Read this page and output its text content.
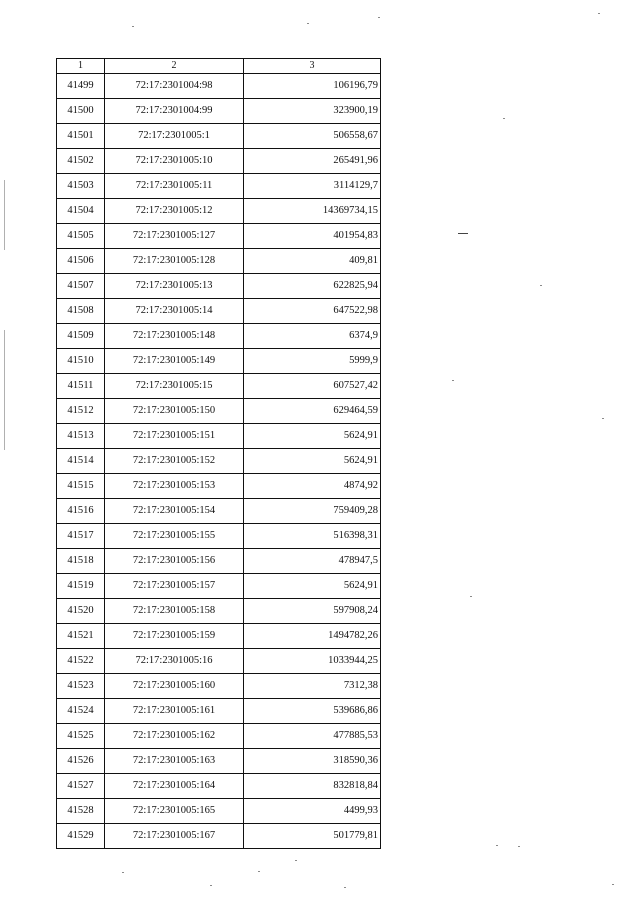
1	2	3
41499	72:17:2301004:98	106196,79
41500	72:17:2301004:99	323900,19
41501	72:17:2301005:1	506558,67
41502	72:17:2301005:10	265491,96
41503	72:17:2301005:11	3114129,7
41504	72:17:2301005:12	14369734,15
41505	72:17:2301005:127	401954,83
41506	72:17:2301005:128	409,81
41507	72:17:2301005:13	622825,94
41508	72:17:2301005:14	647522,98
41509	72:17:2301005:148	6374,9
41510	72:17:2301005:149	5999,9
41511	72:17:2301005:15	607527,42
41512	72:17:2301005:150	629464,59
41513	72:17:2301005:151	5624,91
41514	72:17:2301005:152	5624,91
41515	72:17:2301005:153	4874,92
41516	72:17:2301005:154	759409,28
41517	72:17:2301005:155	516398,31
41518	72:17:2301005:156	478947,5
41519	72:17:2301005:157	5624,91
41520	72:17:2301005:158	597908,24
41521	72:17:2301005:159	1494782,26
41522	72:17:2301005:16	1033944,25
41523	72:17:2301005:160	7312,38
41524	72:17:2301005:161	539686,86
41525	72:17:2301005:162	477885,53
41526	72:17:2301005:163	318590,36
41527	72:17:2301005:164	832818,84
41528	72:17:2301005:165	4499,93
41529	72:17:2301005:167	501779,81
